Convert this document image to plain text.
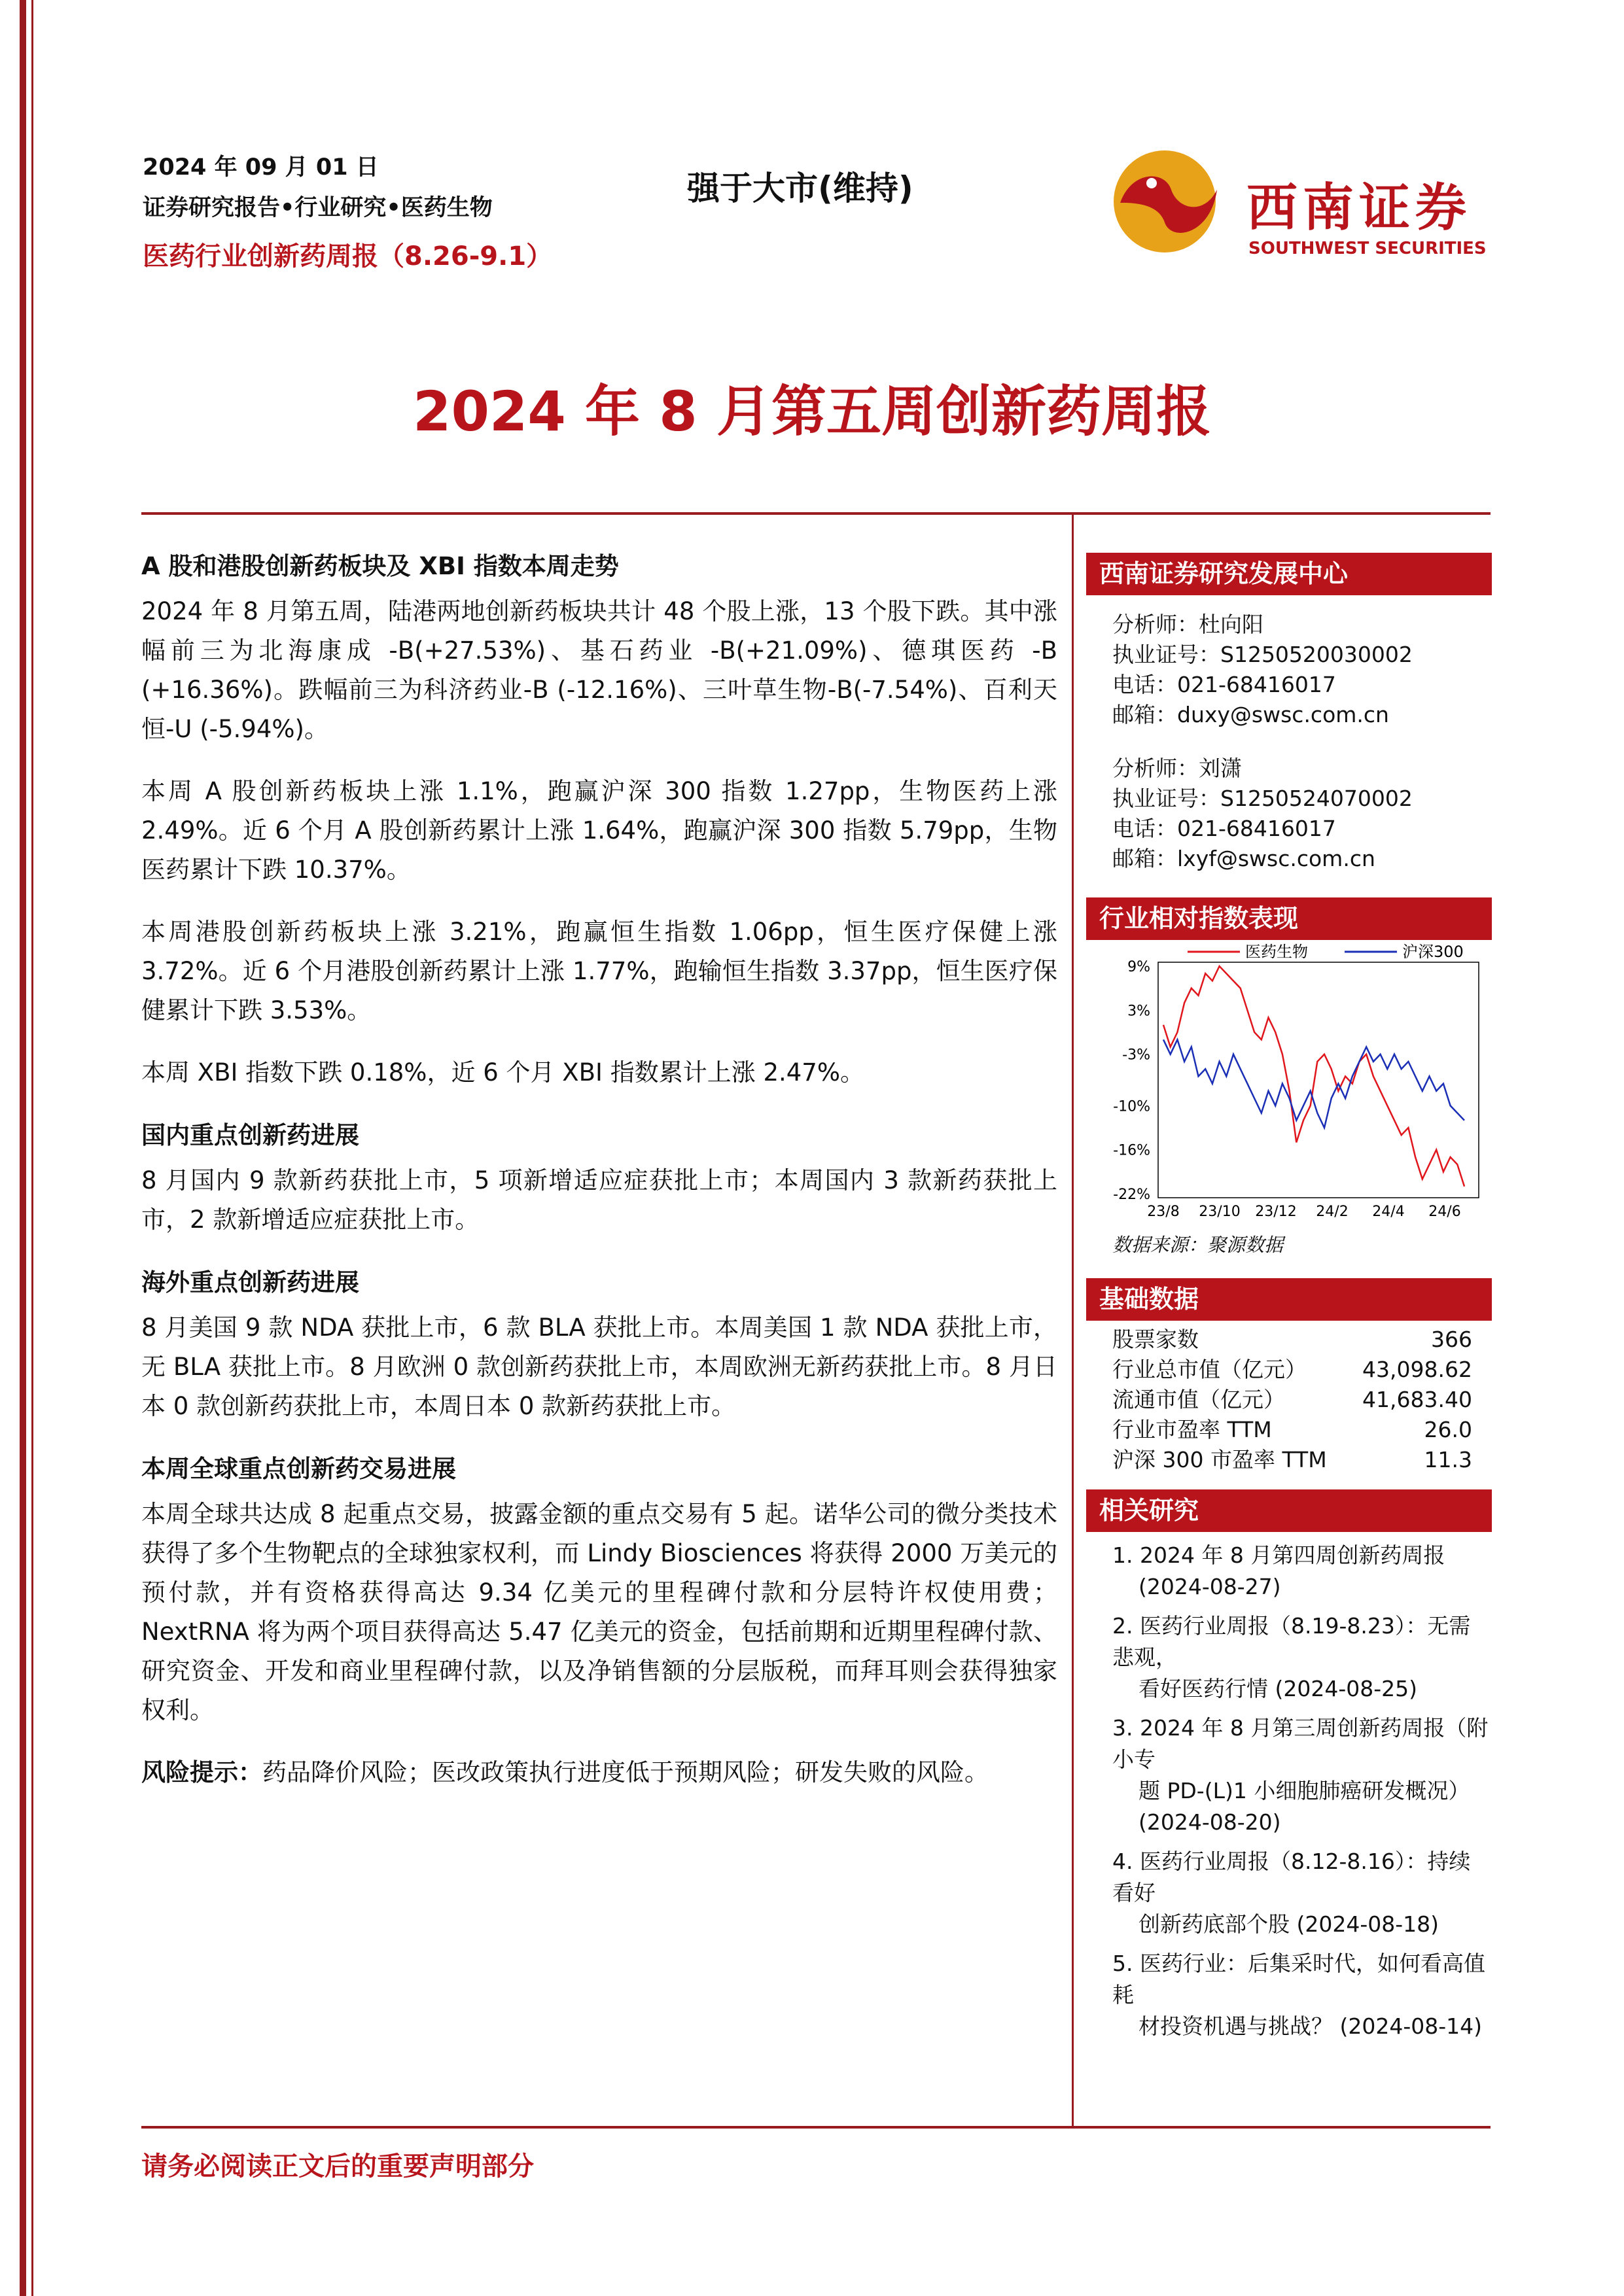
2024 年 09 月 01 日
证券研究报告•行业研究•医药生物
医药行业创新药周报（8.26-9.1）
强于大市(维持)	西南证券
SOUTHWEST SECURITIES
2024 年 8 月第五周创新药周报
A 股和港股创新药板块及 XBI 指数本周走势

2024 年 8 月第五周，陆港两地创新药板块共计 48 个股上涨，13 个股下跌。其中涨幅前三为北海康成 -B(+27.53%)、基石药业 -B(+21.09%)、德琪医药 -B (+16.36%)。跌幅前三为科济药业-B (-12.16%)、三叶草生物-B(-7.54%)、百利天恒-U (-5.94%)。

本周 A 股创新药板块上涨 1.1%，跑赢沪深 300 指数 1.27pp，生物医药上涨 2.49%。近 6 个月 A 股创新药累计上涨 1.64%，跑赢沪深 300 指数 5.79pp，生物医药累计下跌 10.37%。

本周港股创新药板块上涨 3.21%，跑赢恒生指数 1.06pp，恒生医疗保健上涨 3.72%。近 6 个月港股创新药累计上涨 1.77%，跑输恒生指数 3.37pp，恒生医疗保健累计下跌 3.53%。

本周 XBI 指数下跌 0.18%，近 6 个月 XBI 指数累计上涨 2.47%。

国内重点创新药进展

8 月国内 9 款新药获批上市，5 项新增适应症获批上市；本周国内 3 款新药获批上市，2 款新增适应症获批上市。

海外重点创新药进展

8 月美国 9 款 NDA 获批上市，6 款 BLA 获批上市。本周美国 1 款 NDA 获批上市，无 BLA 获批上市。8 月欧洲 0 款创新药获批上市，本周欧洲无新药获批上市。8 月日本 0 款创新药获批上市，本周日本 0 款新药获批上市。

本周全球重点创新药交易进展

本周全球共达成 8 起重点交易，披露金额的重点交易有 5 起。诺华公司的微分类技术获得了多个生物靶点的全球独家权利，而 Lindy Biosciences 将获得 2000 万美元的预付款，并有资格获得高达 9.34 亿美元的里程碑付款和分层特许权使用费；NextRNA 将为两个项目获得高达 5.47 亿美元的资金，包括前期和近期里程碑付款、研究资金、开发和商业里程碑付款，以及净销售额的分层版税，而拜耳则会获得独家权利。

风险提示：药品降价风险；医改政策执行进度低于预期风险；研发失败的风险。

西南证券研究发展中心

分析师：杜向阳

执业证号：S1250520030002

电话：021-68416017

邮箱：duxy@swsc.com.cn

分析师：刘潇

执业证号：S1250524070002

电话：021-68416017

邮箱：lxyf@swsc.com.cn

行业相对指数表现
9%
3%
-3%
-10%
-16%
-22%
23/8 23/10 23/12 24/2 24/4 24/6
医药生物	沪深300

数据来源：聚源数据

基础数据
股票家数	366
行业总市值（亿元）	43,098.62
流通市值（亿元）	41,683.40
行业市盈率 TTM	26.0
沪深 300 市盈率 TTM	11.3
相关研究

1. 2024 年 8 月第四周创新药周报

(2024-08-27)

2. 医药行业周报（8.19-8.23）：无需悲观，

看好医药行情 (2024-08-25)

3. 2024 年 8 月第三周创新药周报（附小专

题 PD-(L)1 小细胞肺癌研发概况）

(2024-08-20)

4. 医药行业周报（8.12-8.16）：持续看好

创新药底部个股 (2024-08-18)

5. 医药行业：后集采时代，如何看高值耗

材投资机遇与挑战？ (2024-08-14)

请务必阅读正文后的重要声明部分
